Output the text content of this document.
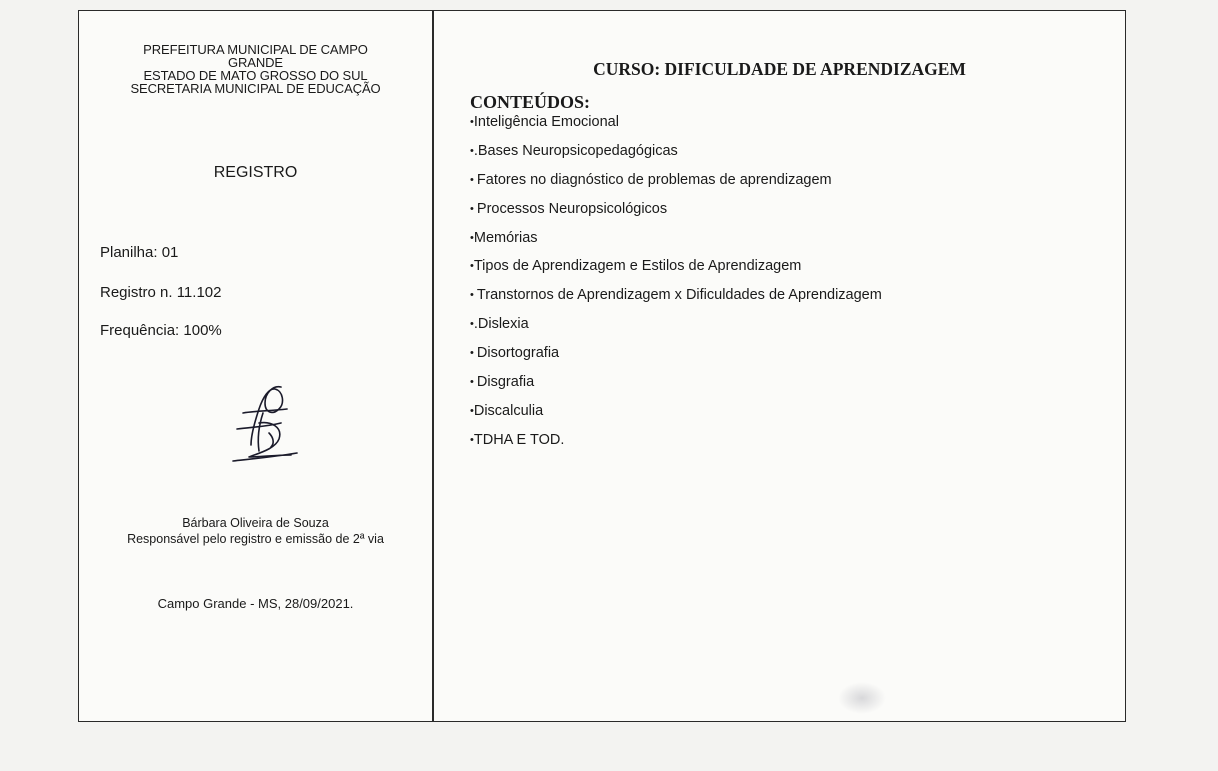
PREFEITURA MUNICIPAL DE CAMPO
GRANDE
ESTADO DE MATO GROSSO DO SUL
SECRETARIA MUNICIPAL DE EDUCAÇÃO
REGISTRO
Planilha: 01
Registro n. 11.102
Frequência: 100%
Bárbara Oliveira de Souza
Responsável pelo registro e emissão de 2ª via
Campo Grande - MS, 28/09/2021.
CURSO: DIFICULDADE DE APRENDIZAGEM
CONTEÚDOS:
•Inteligência Emocional
•.Bases Neuropsicopedagógicas
• Fatores no diagnóstico de problemas de aprendizagem
• Processos Neuropsicológicos
•Memórias
•Tipos de Aprendizagem e Estilos de Aprendizagem
• Transtornos de Aprendizagem x Dificuldades de Aprendizagem
•.Dislexia
• Disortografia
• Disgrafia
•Discalculia
•TDHA E TOD.
